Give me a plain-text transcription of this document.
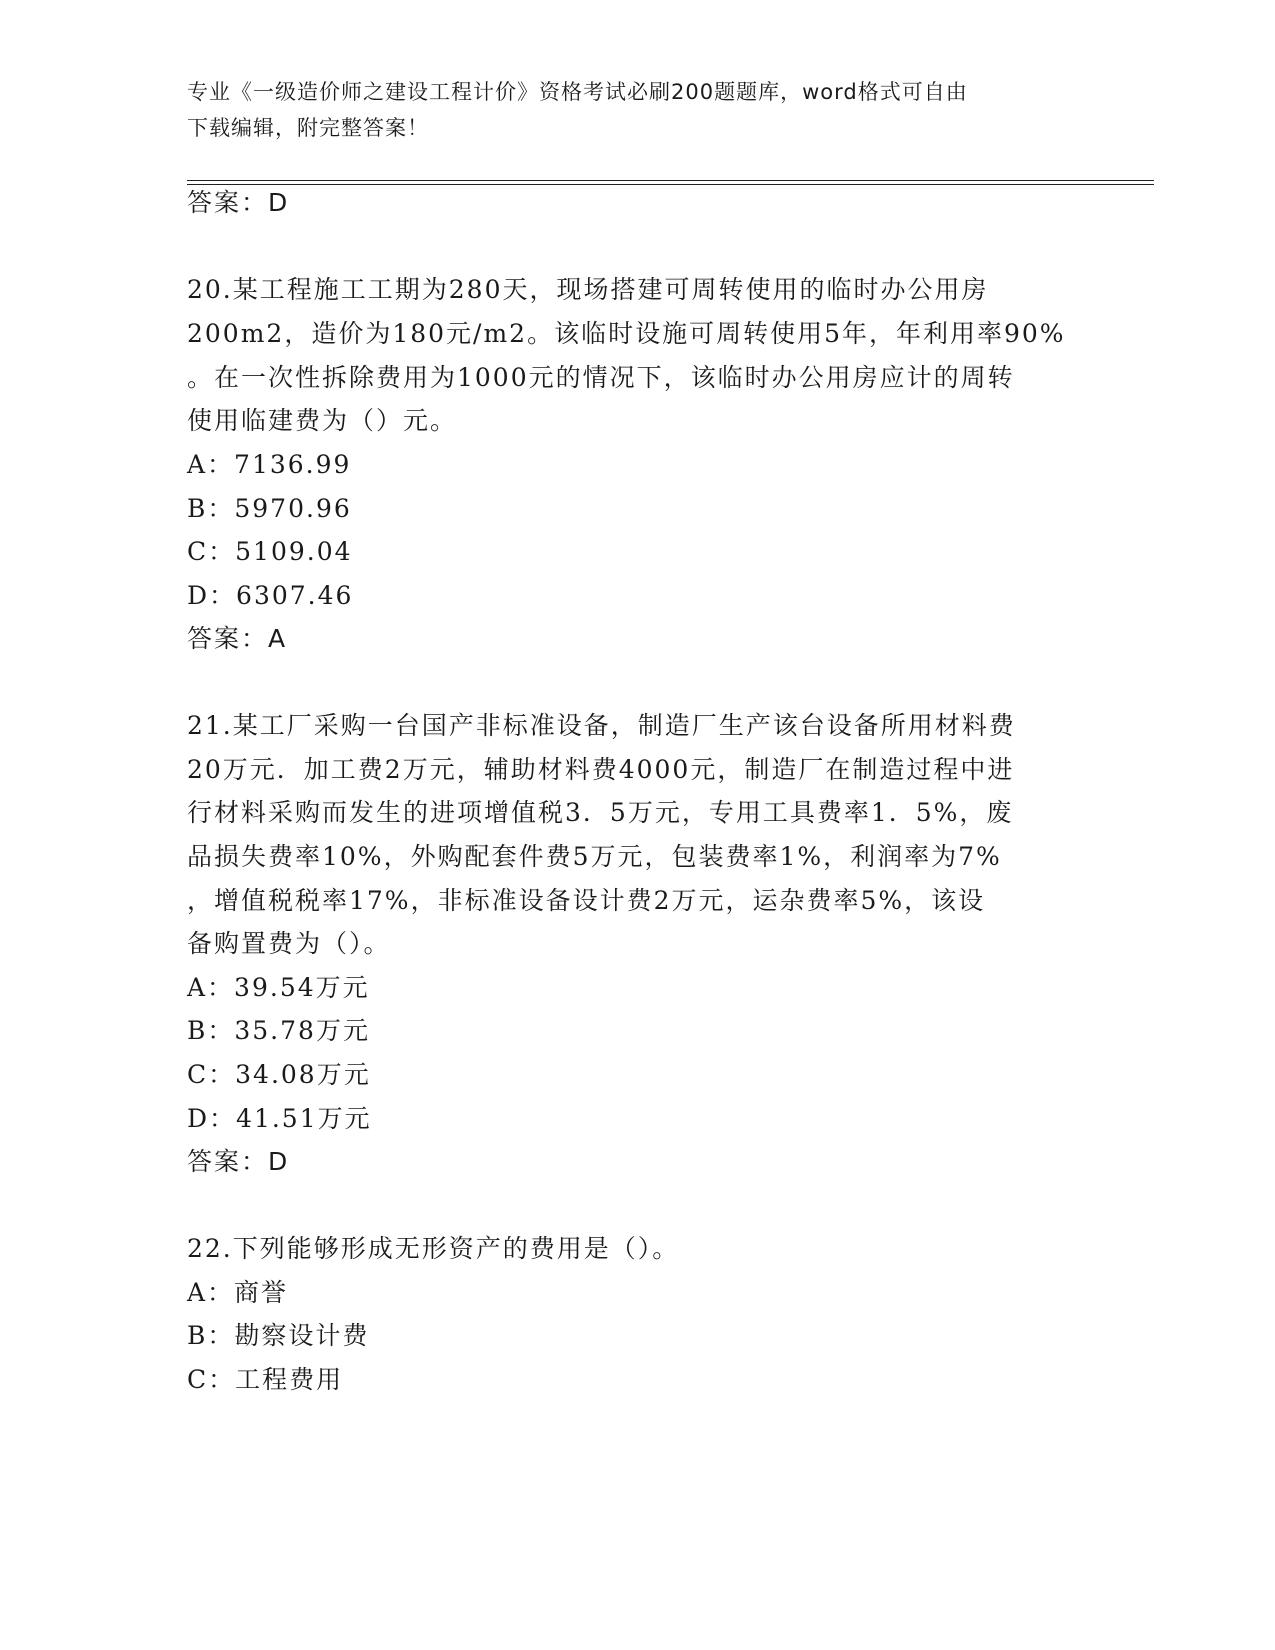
专业《一级造价师之建设工程计价》资格考试必刷200题题库，word格式可自由
下载编辑，附完整答案！
答案：D
20.某工程施工工期为280天，现场搭建可周转使用的临时办公用房
200m2，造价为180元/m2。该临时设施可周转使用5年，年利用率90%
。在一次性拆除费用为1000元的情况下，该临时办公用房应计的周转
使用临建费为（）元。
A：7136.99
B：5970.96
C：5109.04
D：6307.46
答案：A
21.某工厂采购一台国产非标准设备，制造厂生产该台设备所用材料费
20万元．加工费2万元，辅助材料费4000元，制造厂在制造过程中进
行材料采购而发生的进项增值税3．5万元，专用工具费率1．5%，废
品损失费率10%，外购配套件费5万元，包装费率1%，利润率为7%
，增值税税率17%，非标准设备设计费2万元，运杂费率5%，该设
备购置费为（）。
A：39.54万元
B：35.78万元
C：34.08万元
D：41.51万元
答案：D
22.下列能够形成无形资产的费用是（）。
A：商誉
B：勘察设计费
C：工程费用
